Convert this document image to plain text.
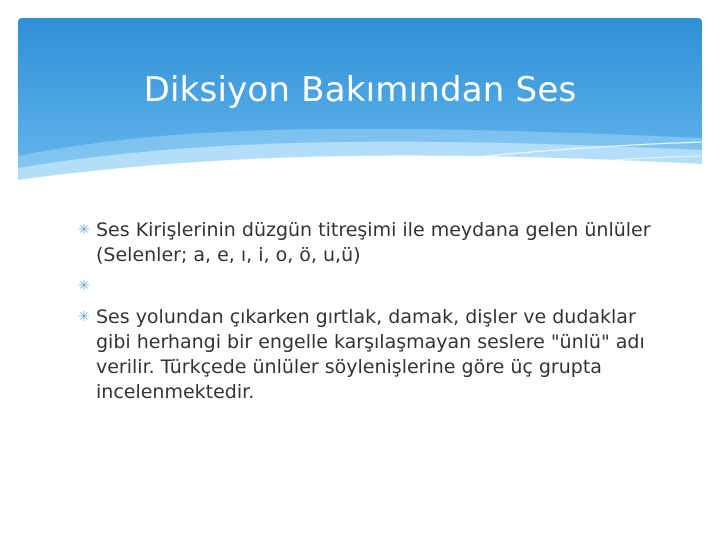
Diksiyon Bakımından Ses
✳ Ses Kirişlerinin düzgün titreşimi ile meydana gelen ünlüler (Selenler; a, e, ı, i, o, ö, u,ü)
✳
✳ Ses yolundan çıkarken gırtlak, damak, dişler ve dudaklar gibi herhangi bir engelle karşılaşmayan seslere "ünlü" adı verilir. Türkçede ünlüler söylenişlerine göre üç grupta incelenmektedir.
